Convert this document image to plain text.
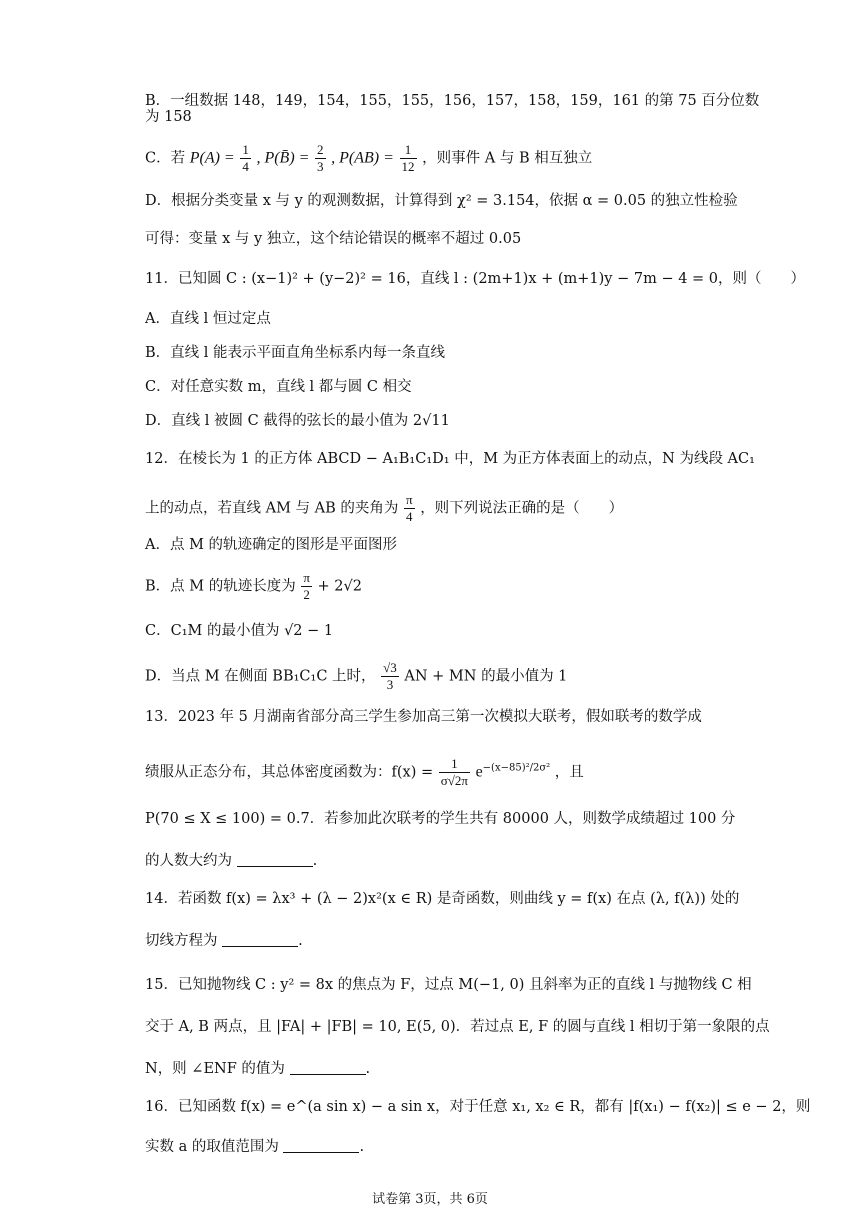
B．一组数据 148，149，154，155，155，156，157，158，159，161 的第 75 百分位数
为 158
C．若 $P(A) = \frac{1}{4}$ , P(B̄) = $\frac{2}{3}$ , $P(AB) = \frac{1}{12}$ ，则事件 A 与 B 相互独立
D．根据分类变量 x 与 y 的观测数据，计算得到 χ² = 3.154，依据 α = 0.05 的独立性检验
可得：变量 x 与 y 独立，这个结论错误的概率不超过 0.05
11．已知圆 C : (x−1)² + (y−2)² = 16，直线 l : (2m+1)x + (m+1)y − 7m − 4 = 0，则（　　）
A．直线 l 恒过定点
B．直线 l 能表示平面直角坐标系内每一条直线
C．对任意实数 m，直线 l 都与圆 C 相交
D．直线 l 被圆 C 截得的弦长的最小值为 2√11
12．在棱长为 1 的正方体 ABCD − A₁B₁C₁D₁ 中，M 为正方体表面上的动点，N 为线段 AC₁
上的动点，若直线 AM 与 AB 的夹角为 $\frac{\pi}{4}$ ，则下列说法正确的是（　　）
A．点 M 的轨迹确定的图形是平面图形
B．点 M 的轨迹长度为 $\frac{\pi}{2} + 2√2$
C．C₁M 的最小值为 √2 − 1
D．当点 M 在侧面 BB₁C₁C 上时， $\frac{√3}{3}$ AN + MN 的最小值为 1
13．2023 年 5 月湖南省部分高三学生参加高三第一次模拟大联考，假如联考的数学成
绩服从正态分布，其总体密度函数为：$f(x) = \frac{1}{\sigma√2\pi} e^{-(x-85)^2/2\sigma^2}$ ，且
P(70 ≤ X ≤ 100) = 0.7．若参加此次联考的学生共有 80000 人，则数学成绩超过 100 分
的人数大约为	.
14．若函数 f(x) = λx³ + (λ − 2)x²(x ∈ R) 是奇函数，则曲线 y = f(x) 在点 (λ, f(λ)) 处的
切线方程为	.
15．已知抛物线 C : y² = 8x 的焦点为 F，过点 M(−1, 0) 且斜率为正的直线 l 与抛物线 C 相
交于 A, B 两点，且 |FA| + |FB| = 10, E(5, 0)．若过点 E, F 的圆与直线 l 相切于第一象限的点
N，则 ∠ENF 的值为	.
16．已知函数 f(x) = e^(a sin x) − a sin x，对于任意 x₁, x₂ ∈ R，都有 |f(x₁) − f(x₂)| ≤ e − 2，则
实数 a 的取值范围为	.
试卷第 3页，共 6页
